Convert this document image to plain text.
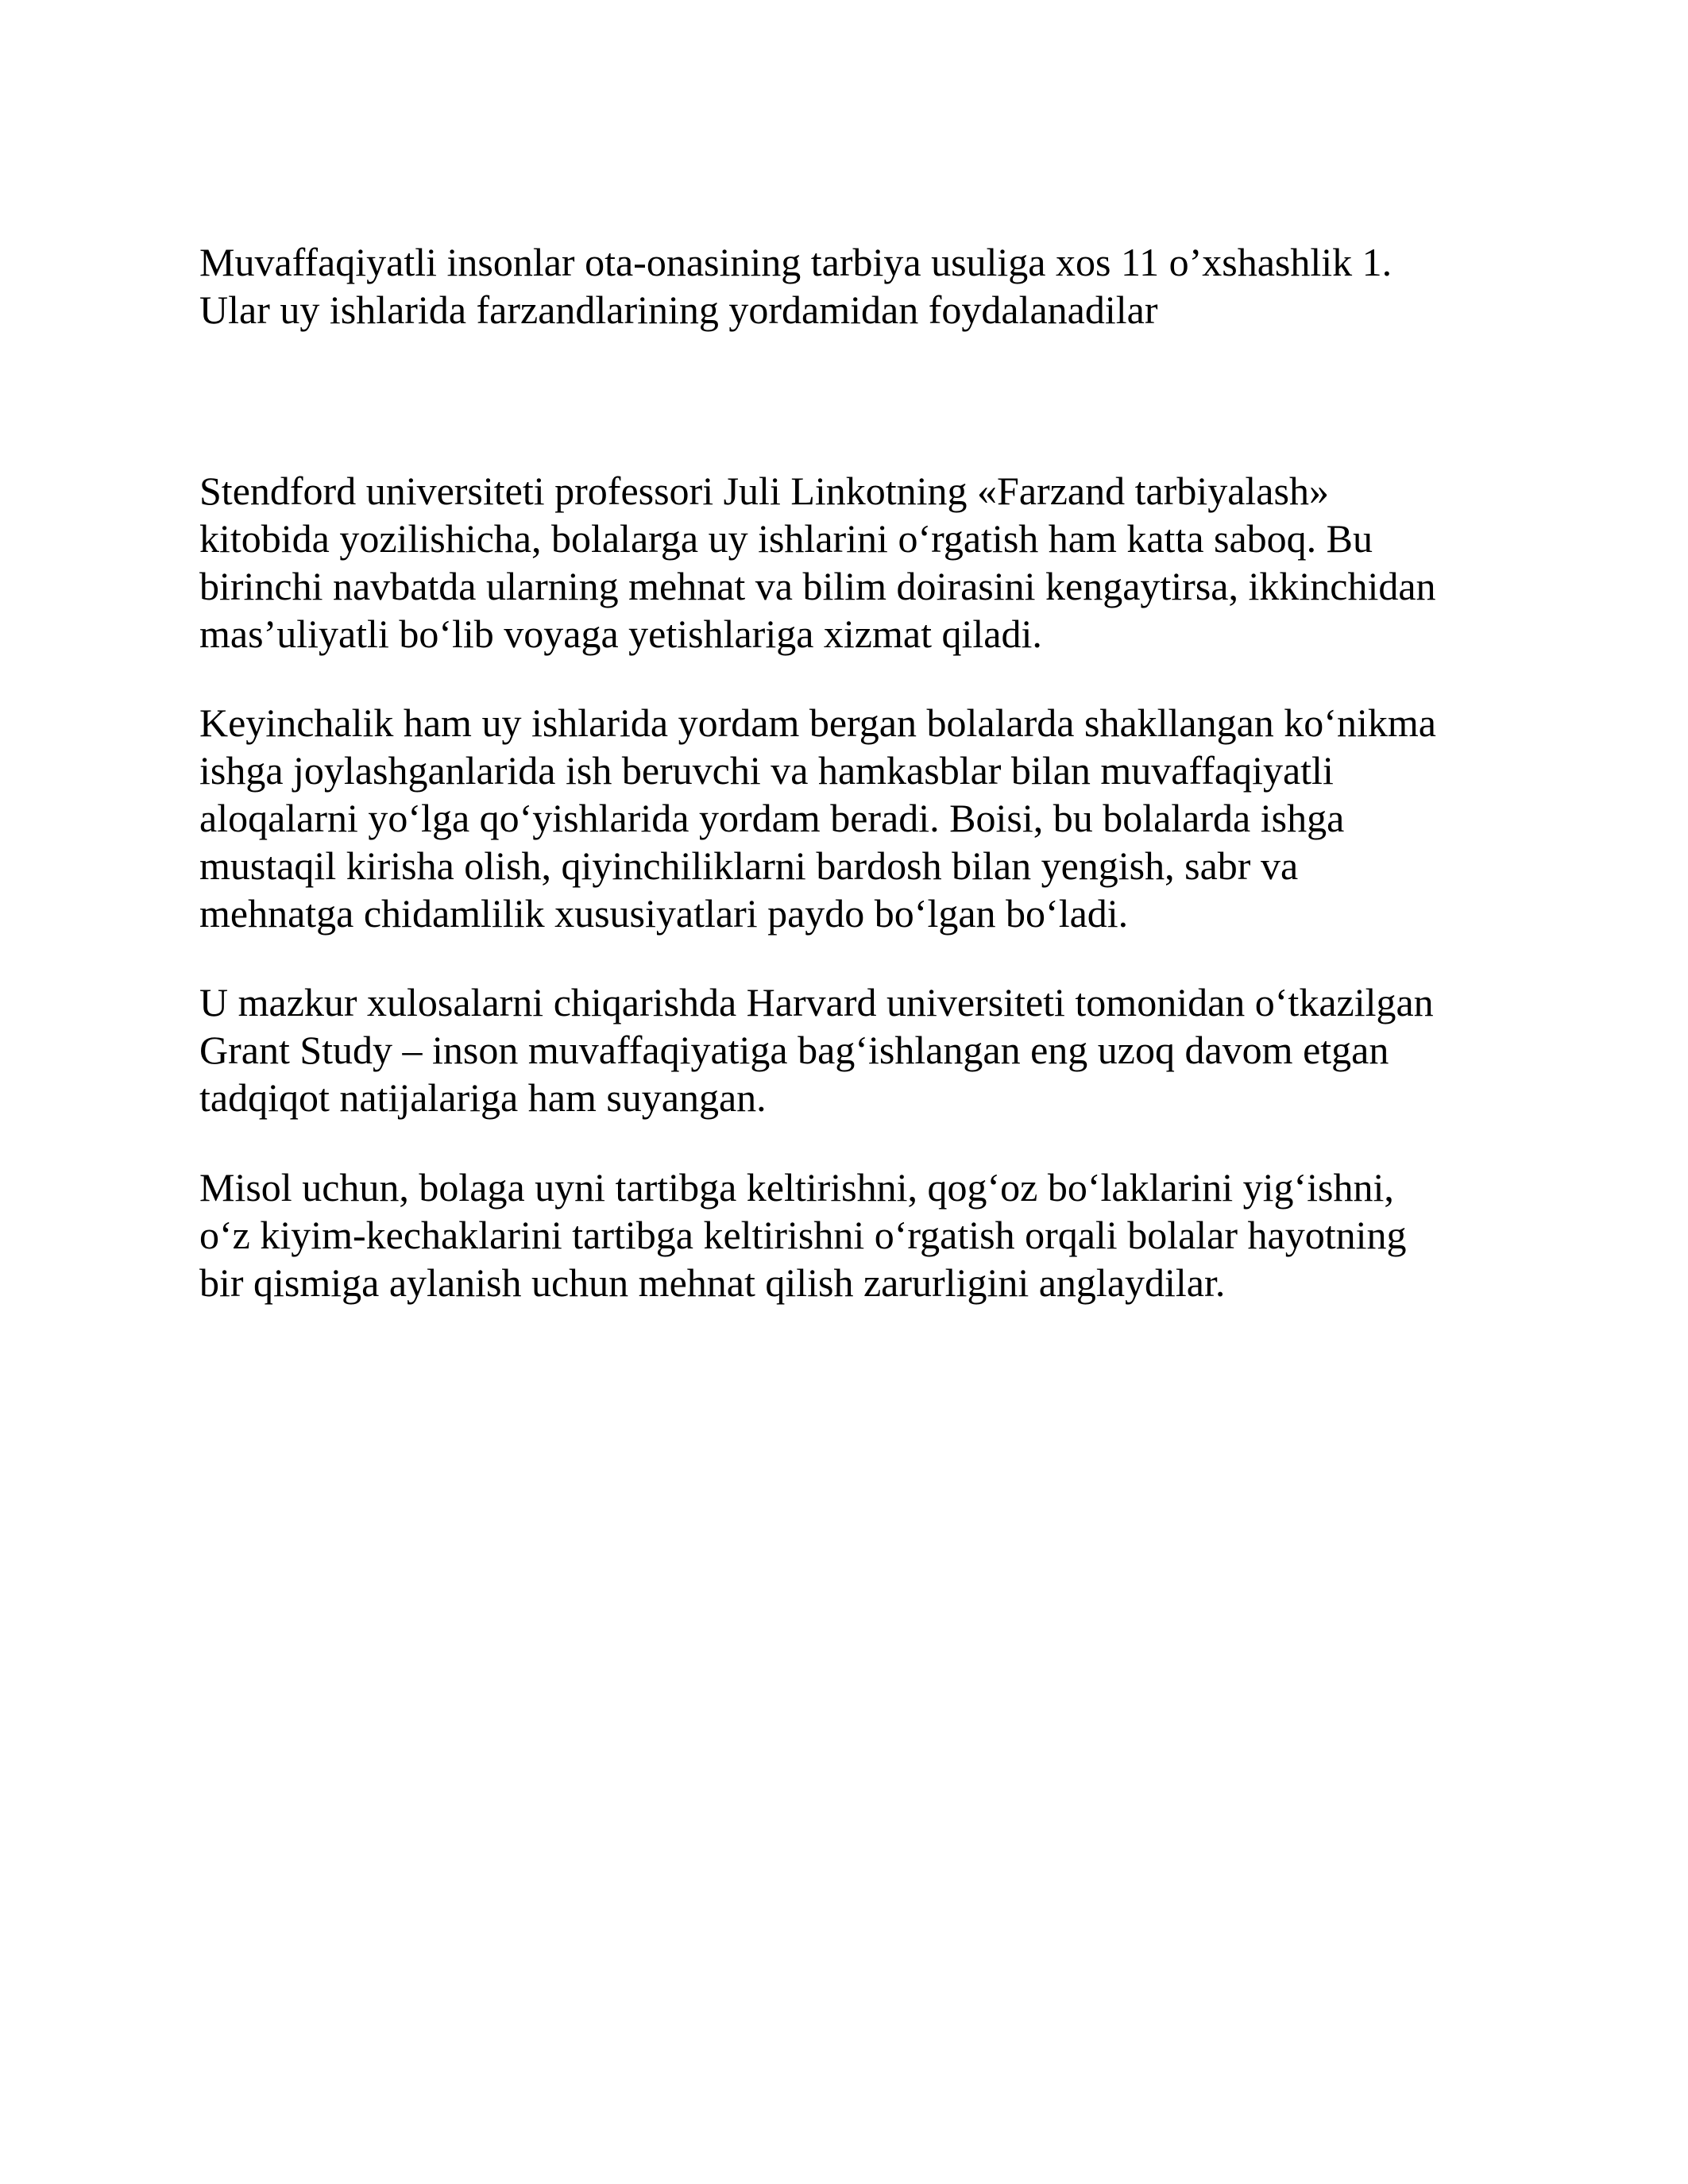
Muvaffaqiyatli insonlar ota-onasining tarbiya usuliga xos 11 o’xshashlik 1.
Ular uy ishlarida farzandlarining yordamidan foydalanadilar

Stendford universiteti professori Juli Linkotning «Farzand tarbiyalash»
kitobida yozilishicha, bolalarga uy ishlarini o‘rgatish ham katta saboq. Bu
birinchi navbatda ularning mehnat va bilim doirasini kengaytirsa, ikkinchidan
mas’uliyatli bo‘lib voyaga yetishlariga xizmat qiladi.

Keyinchalik ham uy ishlarida yordam bergan bolalarda shakllangan ko‘nikma
ishga joylashganlarida ish beruvchi va hamkasblar bilan muvaffaqiyatli
aloqalarni yo‘lga qo‘yishlarida yordam beradi. Boisi, bu bolalarda ishga
mustaqil kirisha olish, qiyinchiliklarni bardosh bilan yengish, sabr va
mehnatga chidamlilik xususiyatlari paydo bo‘lgan bo‘ladi.

U mazkur xulosalarni chiqarishda Harvard universiteti tomonidan o‘tkazilgan
Grant Study – inson muvaffaqiyatiga bag‘ishlangan eng uzoq davom etgan
tadqiqot natijalariga ham suyangan.

Misol uchun, bolaga uyni tartibga keltirishni, qog‘oz bo‘laklarini yig‘ishni,
o‘z kiyim-kechaklarini tartibga keltirishni o‘rgatish orqali bolalar hayotning
bir qismiga aylanish uchun mehnat qilish zarurligini anglaydilar.
